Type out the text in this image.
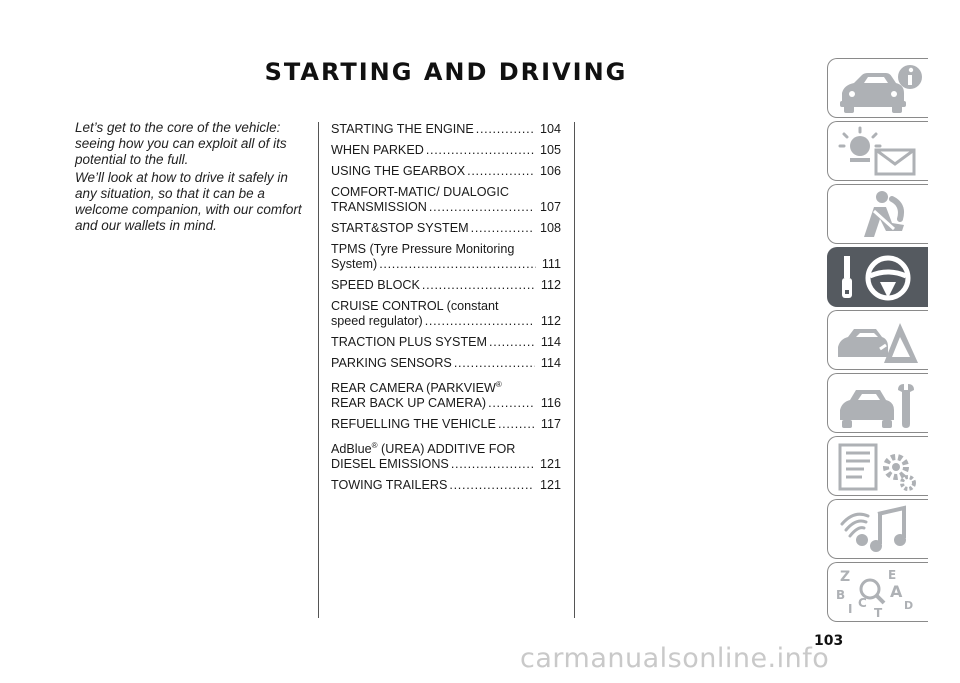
STARTING AND DRIVING

Let’s get to the core of the vehicle: seeing how you can exploit all of its potential to the full.

We’ll look at how to drive it safely in any situation, so that it can be a welcome companion, with our comfort and our wallets in mind.

STARTING THE ENGINE . . .	104
WHEN PARKED . . .	105
USING THE GEARBOX . . .	106
COMFORT-MATIC/ DUALOGIC
TRANSMISSION . . .	107
START&STOP SYSTEM . . .	108
TPMS (Tyre Pressure Monitoring
System) . . .	111
SPEED BLOCK . . .	112
CRUISE CONTROL (constant
speed regulator) . . .	112
TRACTION PLUS SYSTEM . . .	114
PARKING SENSORS . . .	114
REAR CAMERA (PARKVIEW®
REAR BACK UP CAMERA) . . .	116
REFUELLING THE VEHICLE . . .	117
AdBlue® (UREA) ADDITIVE FOR
DIESEL EMISSIONS . . .	121
TOWING TRAILERS . . .	121
Z	E
A
B
I C
T
D
103
carmanualsonline.info
